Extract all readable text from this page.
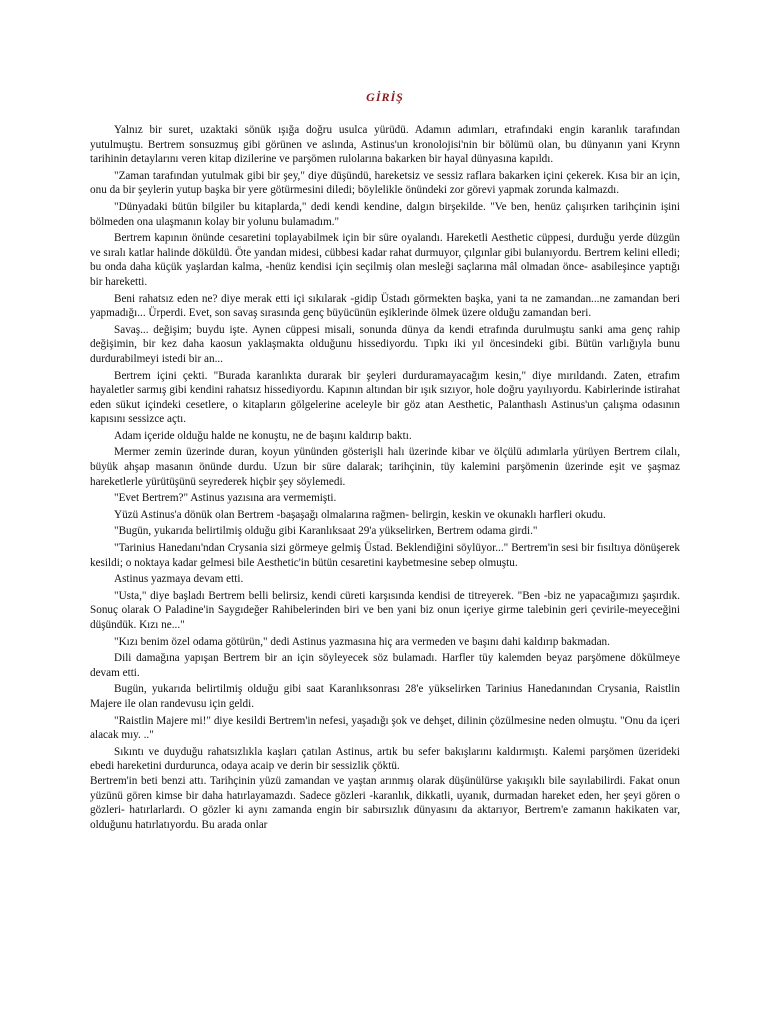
GİRİŞ

Yalnız bir suret, uzaktaki sönük ışığa doğru usulca yürüdü. Adamın adımları, etrafındaki engin karanlık tarafından yutulmuştu. Bertrem sonsuzmuş gibi görünen ve aslında, Astinus'un kronolojisi'nin bir bölümü olan, bu dünyanın yani Krynn tarihinin detaylarını veren kitap dizilerine ve parşömen rulolarına bakarken bir hayal dünyasına kapıldı.

"Zaman tarafından yutulmak gibi bir şey," diye düşündü, hareketsiz ve sessiz raflara bakarken içini çekerek. Kısa bir an için, onu da bir şeylerin yutup başka bir yere götürmesini diledi; böylelikle önündeki zor görevi yapmak zorunda kalmazdı.

"Dünyadaki bütün bilgiler bu kitaplarda," dedi kendi kendine, dalgın birşekilde. "Ve ben, henüz çalışırken tarihçinin işini bölmeden ona ulaşmanın kolay bir yolunu bulamadım."

Bertrem kapının önünde cesaretini toplayabilmek için bir süre oyalandı. Hareketli Aesthetic cüppesi, durduğu yerde düzgün ve sıralı katlar halinde döküldü. Öte yandan midesi, cübbesi kadar rahat durmuyor, çılgınlar gibi bulanıyordu. Bertrem kelini elledi; bu onda daha küçük yaşlardan kalma, -henüz kendisi için seçilmiş olan mesleği saçlarına mâl olmadan önce- asabileşince yaptığı bir hareketti.

Beni rahatsız eden ne? diye merak etti içi sıkılarak -gidip Üstadı görmekten başka, yani ta ne zamandan...ne zamandan beri yapmadığı... Ürperdi. Evet, son savaş sırasında genç büyücünün eşiklerinde ölmek üzere olduğu zamandan beri.

Savaş... değişim; buydu işte. Aynen cüppesi misali, sonunda dünya da kendi etrafında durulmuştu sanki ama genç rahip değişimin, bir kez daha kaosun yaklaşmakta olduğunu hissediyordu. Tıpkı iki yıl öncesindeki gibi. Bütün varlığıyla bunu durdurabilmeyi istedi bir an...

Bertrem içini çekti. "Burada karanlıkta durarak bir şeyleri durduramayacağım kesin," diye mırıldandı. Zaten, etrafım hayaletler sarmış gibi kendini rahatsız hissediyordu. Kapının altından bir ışık sızıyor, hole doğru yayılıyordu. Kabirlerinde istirahat eden sükut içindeki cesetlere, o kitapların gölgelerine aceleyle bir göz atan Aesthetic, Palanthaslı Astinus'un çalışma odasının kapısını sessizce açtı.

Adam içeride olduğu halde ne konuştu, ne de başını kaldırıp baktı.

Mermer zemin üzerinde duran, koyun yününden gösterişli halı üzerinde kibar ve ölçülü adımlarla yürüyen Bertrem cilalı, büyük ahşap masanın önünde durdu. Uzun bir süre dalarak; tarihçinin, tüy kalemini parşömenin üzerinde eşit ve şaşmaz hareketlerle yürütüşünü seyrederek hiçbir şey söylemedi.

"Evet Bertrem?" Astinus yazısına ara vermemişti.

Yüzü Astinus'a dönük olan Bertrem -başaşağı olmalarına rağmen- belirgin, keskin ve okunaklı harfleri okudu.

"Bugün, yukarıda belirtilmiş olduğu gibi Karanlıksaat 29'a yükselirken, Bertrem odama girdi."

"Tarinius Hanedanı'ndan Crysania sizi görmeye gelmiş Üstad. Beklendiğini söylüyor..." Bertrem'in sesi bir fısıltıya dönüşerek kesildi; o noktaya kadar gelmesi bile Aesthetic'in bütün cesaretini kaybetmesine sebep olmuştu.

Astinus yazmaya devam etti.

"Usta," diye başladı Bertrem belli belirsiz, kendi cüreti karşısında kendisi de titreyerek. "Ben -biz ne yapacağımızı şaşırdık. Sonuç olarak O Paladine'in Saygıdeğer Rahibelerinden biri ve ben yani biz onun içeriye girme talebinin geri çevirile-meyeceğini düşündük. Kızı ne..."

"Kızı benim özel odama götürün," dedi Astinus yazmasına hiç ara vermeden ve başını dahi kaldırıp bakmadan.

Dili damağına yapışan Bertrem bir an için söyleyecek söz bulamadı. Harfler tüy kalemden beyaz parşömene dökülmeye devam etti.

Bugün, yukarıda belirtilmiş olduğu gibi saat Karanlıksonrası 28'e yükselirken Tarinius Hanedanından Crysania, Raistlin Majere ile olan randevusu için geldi.

"Raistlin Majere mi!" diye kesildi Bertrem'in nefesi, yaşadığı şok ve dehşet, dilinin çözülmesine neden olmuştu. "Onu da içeri alacak mıy. .."

Sıkıntı ve duyduğu rahatsızlıkla kaşları çatılan Astinus, artık bu sefer bakışlarını kaldırmıştı. Kalemi parşömen üzerideki ebedi hareketini durdurunca, odaya acaip ve derin bir sessizlik çöktü.

Bertrem'in beti benzi attı. Tarihçinin yüzü zamandan ve yaştan arınmış olarak düşünülürse yakışıklı bile sayılabilirdi. Fakat onun yüzünü gören kimse bir daha hatırlayamazdı. Sadece gözleri -karanlık, dikkatli, uyanık, durmadan hareket eden, her şeyi gören o gözleri- hatırlarlardı. O gözler ki aynı zamanda engin bir sabırsızlık dünyasını da aktarıyor, Bertrem'e zamanın hakikaten var, olduğunu hatırlatıyordu. Bu arada onlar
